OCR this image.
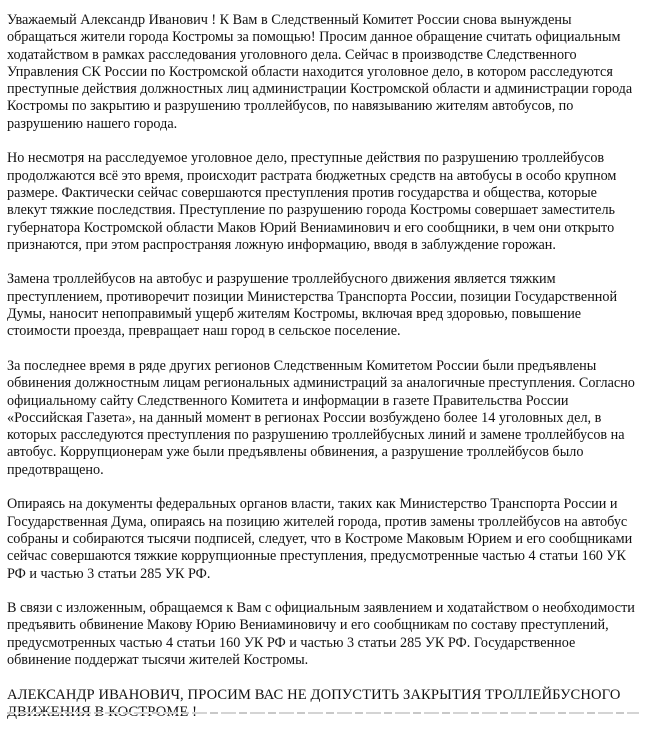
Уважаемый Александр Иванович ! К Вам в Следственный Комитет России снова вынуждены обращаться жители города Костромы за помощью! Просим данное обращение считать официальным ходатайством в рамках расследования уголовного дела. Сейчас в производстве Следственного Управления СК России по Костромской области находится уголовное дело, в котором расследуются преступные действия должностных лиц администрации Костромской области и администрации города Костромы по закрытию и разрушению троллейбусов, по навязыванию жителям автобусов, по разрушению нашего города.

Но несмотря на расследуемое уголовное дело, преступные действия по разрушению троллейбусов продолжаются всё это время, происходит растрата бюджетных средств на автобусы в особо крупном размере. Фактически сейчас совершаются преступления против государства и общества, которые влекут тяжкие последствия. Преступление по разрушению города Костромы совершает заместитель губернатора Костромской области Маков Юрий Вениаминович и его сообщники, в чем они открыто признаются, при этом распространяя ложную информацию, вводя в заблуждение горожан.

Замена троллейбусов на автобус и разрушение троллейбусного движения является тяжким преступлением, противоречит позиции Министерства Транспорта России, позиции Государственной Думы, наносит непоправимый ущерб жителям Костромы, включая вред здоровью, повышение стоимости проезда, превращает наш город в сельское поселение.

За последнее время в ряде других регионов Следственным Комитетом России были предъявлены обвинения должностным лицам региональных администраций за аналогичные преступления. Согласно официальному сайту Следственного Комитета и информации в газете Правительства России «Российская Газета», на данный момент в регионах России возбуждено более 14 уголовных дел, в которых расследуются преступления по разрушению троллейбусных линий и замене троллейбусов на автобус. Коррупционерам уже были предъявлены обвинения, а разрушение троллейбусов было предотвращено.

Опираясь на документы федеральных органов власти, таких как Министерство Транспорта России и Государственная Дума, опираясь на позицию жителей города, против замены троллейбусов на автобус собраны и собираются тысячи подписей, следует, что в Костроме Маковым Юрием и его сообщниками сейчас совершаются тяжкие коррупционные преступления, предусмотренные частью 4 статьи 160 УК РФ и частью 3 статьи 285 УК РФ.

В связи с изложенным, обращаемся к Вам с официальным заявлением и ходатайством о необходимости предъявить обвинение Макову Юрию Вениаминовичу и его сообщникам по составу преступлений, предусмотренных частью 4 статьи 160 УК РФ и частью 3 статьи 285 УК РФ. Государственное обвинение поддержат тысячи жителей Костромы.

АЛЕКСАНДР ИВАНОВИЧ, ПРОСИМ ВАС НЕ ДОПУСТИТЬ ЗАКРЫТИЯ ТРОЛЛЕЙБУСНОГО
